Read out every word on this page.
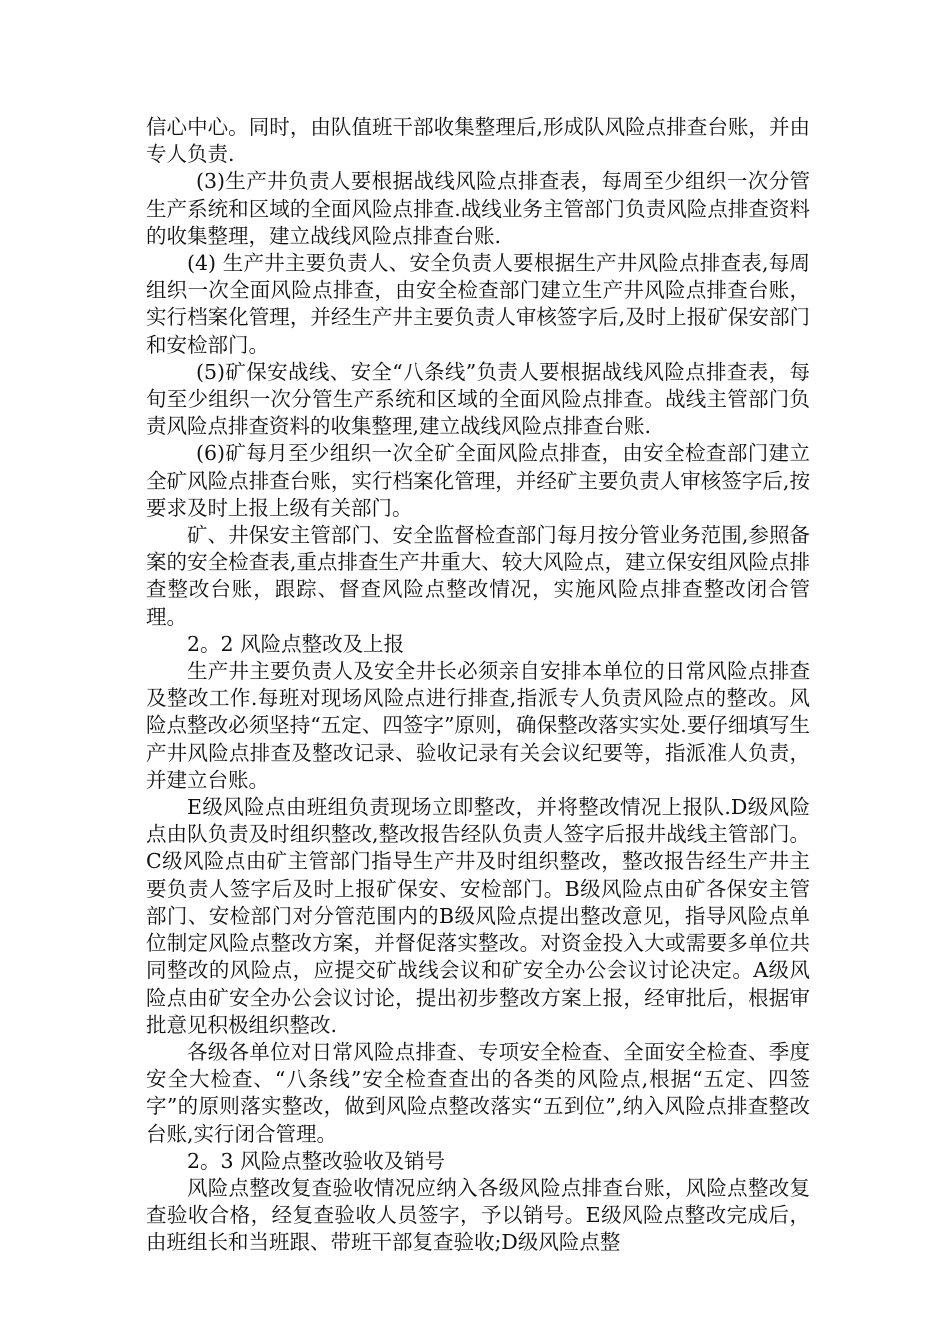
信心中心。同时，由队值班干部收集整理后,形成队风险点排查台账，并由专人负责.

(3)生产井负责人要根据战线风险点排查表，每周至少组织一次分管生产系统和区域的全面风险点排查.战线业务主管部门负责风险点排查资料的收集整理，建立战线风险点排查台账.

(4) 生产井主要负责人、安全负责人要根据生产井风险点排查表,每周组织一次全面风险点排查，由安全检查部门建立生产井风险点排查台账，实行档案化管理，并经生产井主要负责人审核签字后,及时上报矿保安部门和安检部门。

(5)矿保安战线、安全“八条线”负责人要根据战线风险点排查表，每旬至少组织一次分管生产系统和区域的全面风险点排查。战线主管部门负责风险点排查资料的收集整理,建立战线风险点排查台账.

(6)矿每月至少组织一次全矿全面风险点排查，由安全检查部门建立全矿风险点排查台账，实行档案化管理，并经矿主要负责人审核签字后,按要求及时上报上级有关部门。

矿、井保安主管部门、安全监督检查部门每月按分管业务范围,参照备案的安全检查表,重点排查生产井重大、较大风险点，建立保安组风险点排查整改台账，跟踪、督查风险点整改情况，实施风险点排查整改闭合管理。

2。2 风险点整改及上报

生产井主要负责人及安全井长必须亲自安排本单位的日常风险点排查及整改工作.每班对现场风险点进行排查,指派专人负责风险点的整改。风险点整改必须坚持“五定、四签字”原则，确保整改落实实处.要仔细填写生产井风险点排查及整改记录、验收记录有关会议纪要等，指派准人负责，并建立台账。

E级风险点由班组负责现场立即整改，并将整改情况上报队.D级风险点由队负责及时组织整改,整改报告经队负责人签字后报井战线主管部门。C级风险点由矿主管部门指导生产井及时组织整改，整改报告经生产井主要负责人签字后及时上报矿保安、安检部门。B级风险点由矿各保安主管部门、安检部门对分管范围内的B级风险点提出整改意见，指导风险点单位制定风险点整改方案，并督促落实整改。对资金投入大或需要多单位共同整改的风险点，应提交矿战线会议和矿安全办公会议讨论决定。A级风险点由矿安全办公会议讨论，提出初步整改方案上报，经审批后，根据审批意见积极组织整改.

各级各单位对日常风险点排查、专项安全检查、全面安全检查、季度安全大检查、“八条线”安全检查查出的各类的风险点,根据“五定、四签字”的原则落实整改，做到风险点整改落实“五到位”,纳入风险点排查整改台账,实行闭合管理。

2。3 风险点整改验收及销号

风险点整改复查验收情况应纳入各级风险点排查台账，风险点整改复查验收合格，经复查验收人员签字，予以销号。E级风险点整改完成后，由班组长和当班跟、带班干部复查验收;D级风险点整
